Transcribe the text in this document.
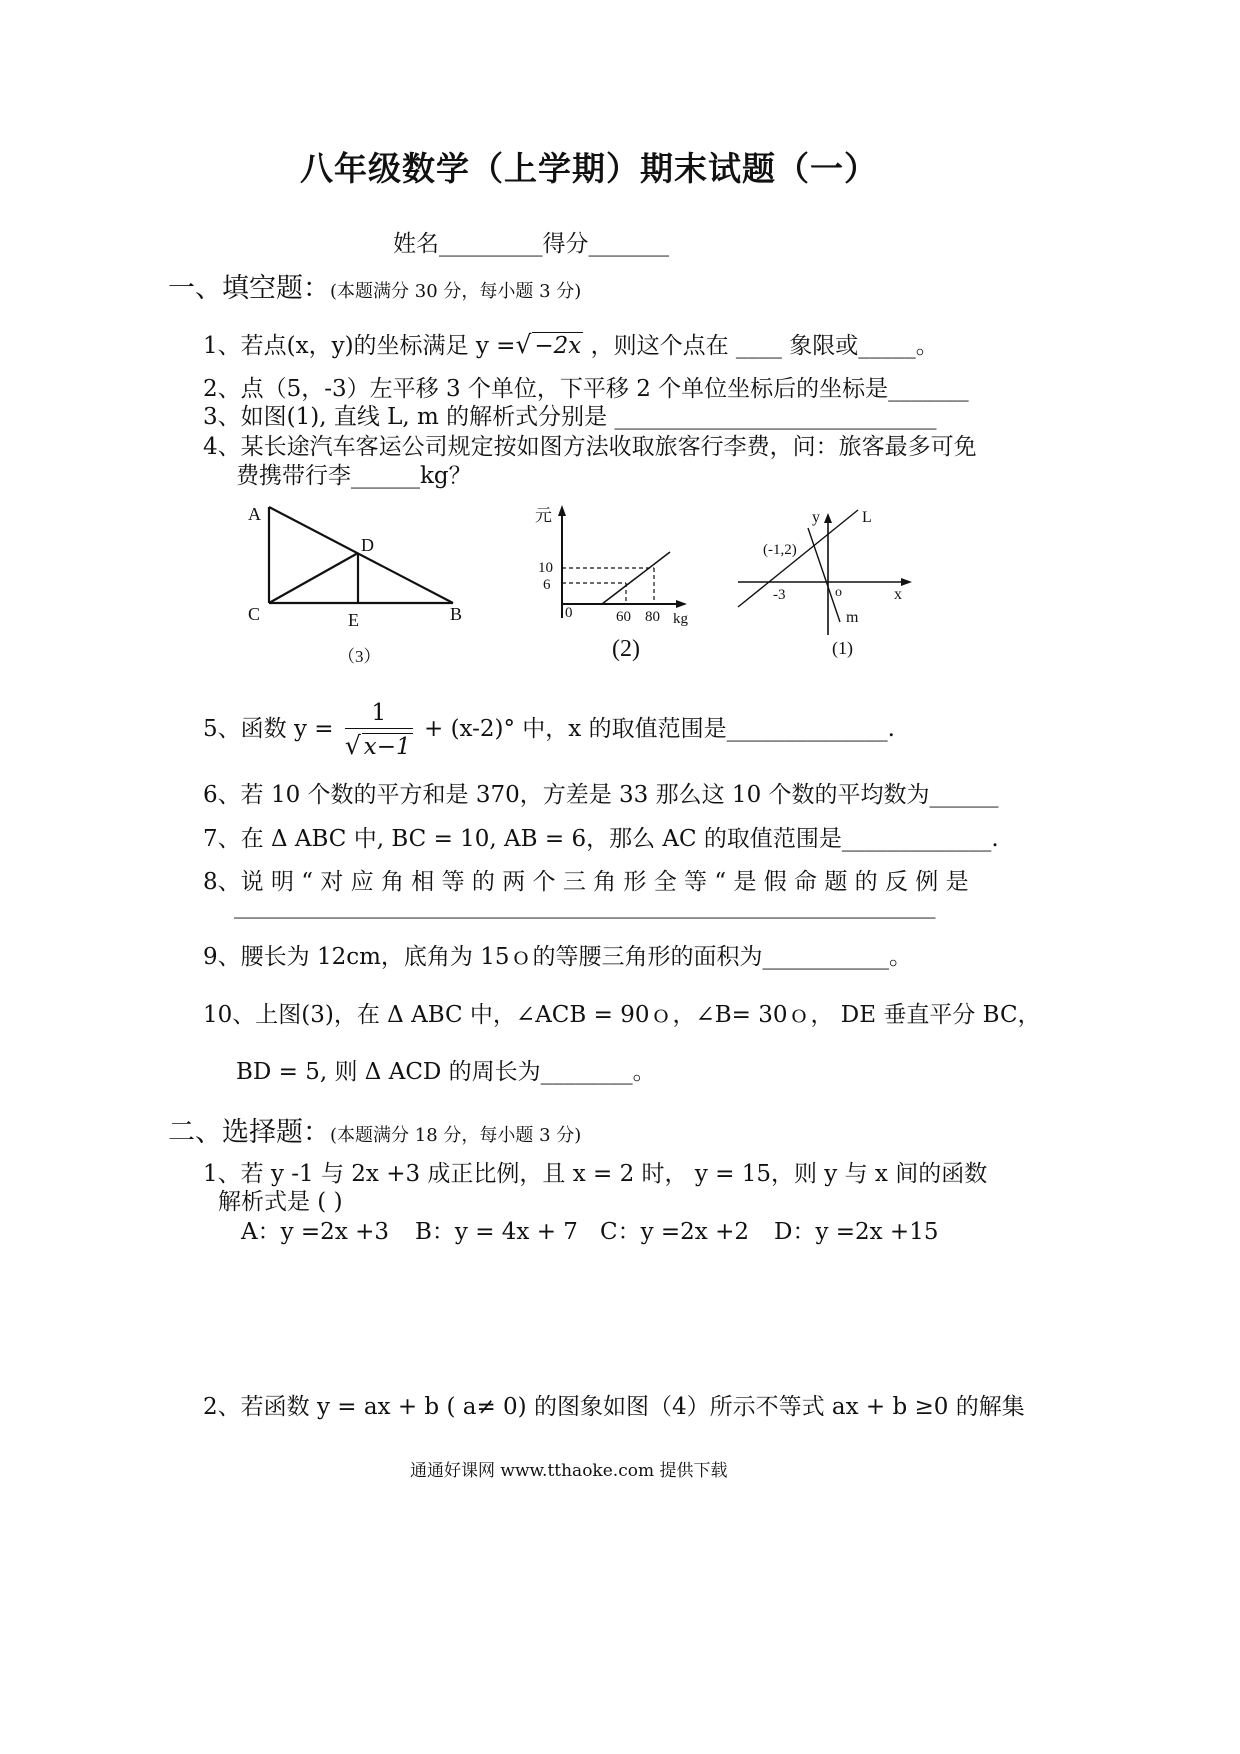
八年级数学（上学期）期末试题（一）
姓名_________得分_______
一、填空题：(本题满分 30 分，每小题 3 分)
1、若点(x，y)的坐标满足 y =√ −2x ，则这个点在 ____ 象限或_____。
2、点（5，-3）左平移 3 个单位，下平移 2 个单位坐标后的坐标是_______
3、如图(1), 直线 L, m 的解析式分别是 ____________________________
4、某长途汽车客运公司规定按如图方法收取旅客行李费，问：旅客最多可免
费携带行李______kg？
A
D
C	E	B
（3）
元
10
6
0	60 80 kg
(2)
y	L
(-1,2)
-3	o	x
m
(1)
5、函数 $y = \frac{1}{√ x-1} + (x-2)^\circ$ 中，x 的取值范围是______________.
6、若 10 个数的平方和是 370，方差是 33 那么这 10 个数的平均数为______
7、在 Δ ABC 中, BC = 10, AB = 6，那么 AC 的取值范围是_____________.
8、说 明 “ 对 应 角 相 等 的 两 个 三 角 形 全 等 “ 是 假 命 题 的 反 例 是
_____________________________________________________________
9、腰长为 12cm，底角为 15ｏ的等腰三角形的面积为___________。
10、上图(3)，在 Δ ABC 中，∠ACB = 90ｏ，∠B= 30ｏ， DE 垂直平分 BC，
BD = 5, 则 Δ ACD 的周长为________。
二、选择题：(本题满分 18 分，每小题 3 分)
1、若 y -1 与 2x +3 成正比例，且 x = 2 时， y = 15，则 y 与 x 间的函数
解析式是 ( )
A：y =2x +3 B：y = 4x + 7 C：y =2x +2 D：y =2x +15
2、若函数 y = ax + b ( a≠ 0) 的图象如图（4）所示不等式 ax + b ≥0 的解集
通通好课网 www.tthaoke.com 提供下载
